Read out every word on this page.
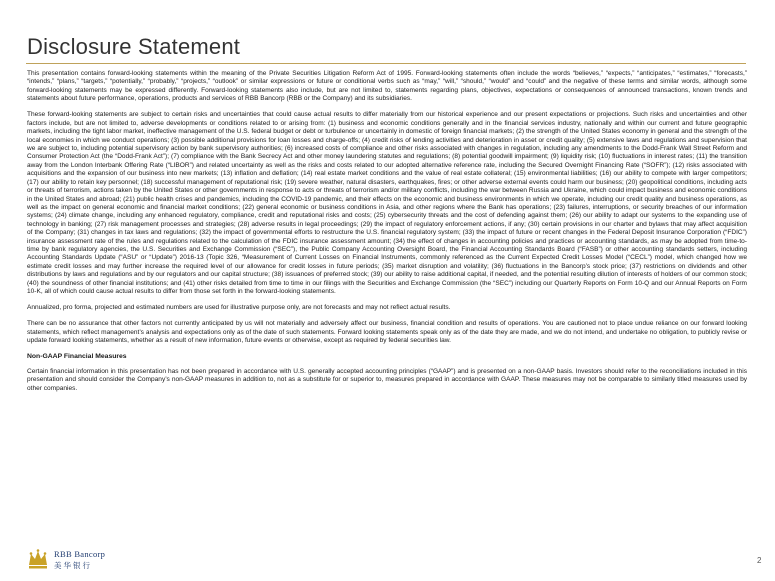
Disclosure Statement

This presentation contains forward-looking statements within the meaning of the Private Securities Litigation Reform Act of 1995. Forward-looking statements often include the words “believes,” “expects,” “anticipates,” “estimates,” “forecasts,” “intends,” “plans,” “targets,” “potentially,” “probably,” “projects,” “outlook” or similar expressions or future or conditional verbs such as “may,” “will,” “should,” “would” and “could” and the negative of these terms and similar words, although some forward-looking statements may be expressed differently. Forward-looking statements also include, but are not limited to, statements regarding plans, objectives, expectations or consequences of announced transactions, known trends and statements about future performance, operations, products and services of RBB Bancorp (RBB or the Company) and its subsidiaries.

These forward-looking statements are subject to certain risks and uncertainties that could cause actual results to differ materially from our historical experience and our present expectations or projections. Such risks and uncertainties and other factors include, but are not limited to, adverse developments or conditions related to or arising from: (1) business and economic conditions generally and in the financial services industry, nationally and within our current and future geographic markets, including the tight labor market, ineffective management of the U.S. federal budget or debt or turbulence or uncertainly in domestic of foreign financial markets; (2) the strength of the United States economy in general and the strength of the local economies in which we conduct operations; (3) possible additional provisions for loan losses and charge-offs; (4) credit risks of lending activities and deterioration in asset or credit quality; (5) extensive laws and regulations and supervision that we are subject to, including potential supervisory action by bank supervisory authorities; (6) increased costs of compliance and other risks associated with changes in regulation, including any amendments to the Dodd-Frank Wall Street Reform and Consumer Protection Act (the “Dodd-Frank Act”); (7) compliance with the Bank Secrecy Act and other money laundering statutes and regulations; (8) potential goodwill impairment; (9) liquidity risk; (10) fluctuations in interest rates; (11) the transition away from the London Interbank Offering Rate (“LIBOR”) and related uncertainty as well as the risks and costs related to our adopted alternative reference rate, including the Secured Overnight Financing Rate (“SOFR”); (12) risks associated with acquisitions and the expansion of our business into new markets; (13) inflation and deflation; (14) real estate market conditions and the value of real estate collateral; (15) environmental liabilities; (16) our ability to compete with larger competitors; (17) our ability to retain key personnel; (18) successful management of reputational risk; (19) severe weather, natural disasters, earthquakes, fires; or other adverse external events could harm our business; (20) geopolitical conditions, including acts or threats of terrorism, actions taken by the United States or other governments in response to acts or threats of terrorism and/or military conflicts, including the war between Russia and Ukraine, which could impact business and economic conditions in the United States and abroad; (21) public health crises and pandemics, including the COVID-19 pandemic, and their effects on the economic and business environments in which we operate, including our credit quality and business operations, as well as the impact on general economic and financial market conditions; (22) general economic or business conditions in Asia, and other regions where the Bank has operations; (23) failures, interruptions, or security breaches of our information systems; (24) climate change, including any enhanced regulatory, compliance, credit and reputational risks and costs; (25) cybersecurity threats and the cost of defending against them; (26) our ability to adapt our systems to the expanding use of technology in banking; (27) risk management processes and strategies; (28) adverse results in legal proceedings; (29) the impact of regulatory enforcement actions, if any; (30) certain provisions in our charter and bylaws that may affect acquisition of the Company; (31) changes in tax laws and regulations; (32) the impact of governmental efforts to restructure the U.S. financial regulatory system; (33) the impact of future or recent changes in the Federal Deposit Insurance Corporation (“FDIC”) insurance assessment rate of the rules and regulations related to the calculation of the FDIC insurance assessment amount; (34) the effect of changes in accounting policies and practices or accounting standards, as may be adopted from time-to-time by bank regulatory agencies, the U.S. Securities and Exchange Commission (“SEC”), the Public Company Accounting Oversight Board, the Financial Accounting Standards Board (“FASB”) or other accounting standards setters, including Accounting Standards Update (“ASU” or “Update”) 2016-13 (Topic 326, “Measurement of Current Losses on Financial Instruments, commonly referenced as the Current Expected Credit Losses Model (“CECL”) model, which changed how we estimate credit losses and may further increase the required level of our allowance for credit losses in future periods; (35) market disruption and volatility; (36) fluctuations in the Bancorp’s stock price; (37) restrictions on dividends and other distributions by laws and regulations and by our regulators and our capital structure; (38) issuances of preferred stock; (39) our ability to raise additional capital, if needed, and the potential resulting dilution of interests of holders of our common stock; (40) the soundness of other financial institutions; and (41) other risks detailed from time to time in our filings with the Securities and Exchange Commission (the “SEC”) including our Quarterly Reports on Form 10-Q and our Annual Reports on Form 10-K, all of which could cause actual results to differ from those set forth in the forward-looking statements.

Annualized, pro forma, projected and estimated numbers are used for illustrative purpose only, are not forecasts and may not reflect actual results.

There can be no assurance that other factors not currently anticipated by us will not materially and adversely affect our business, financial condition and results of operations. You are cautioned not to place undue reliance on our forward looking statements, which reflect management’s analysis and expectations only as of the date of such statements. Forward looking statements speak only as of the date they are made, and we do not intend, and undertake no obligation, to publicly revise or update forward looking statements, whether as a result of new information, future events or otherwise, except as required by federal securities law.

Non-GAAP Financial Measures

Certain financial information in this presentation has not been prepared in accordance with U.S. generally accepted accounting principles (“GAAP”) and is presented on a non-GAAP basis. Investors should refer to the reconciliations included in this presentation and should consider the Company’s non-GAAP measures in addition to, not as a substitute for or superior to, measures prepared in accordance with GAAP. These measures may not be comparable to similarly titled measures used by other companies.

RBB Bancorp
美华银行
2
